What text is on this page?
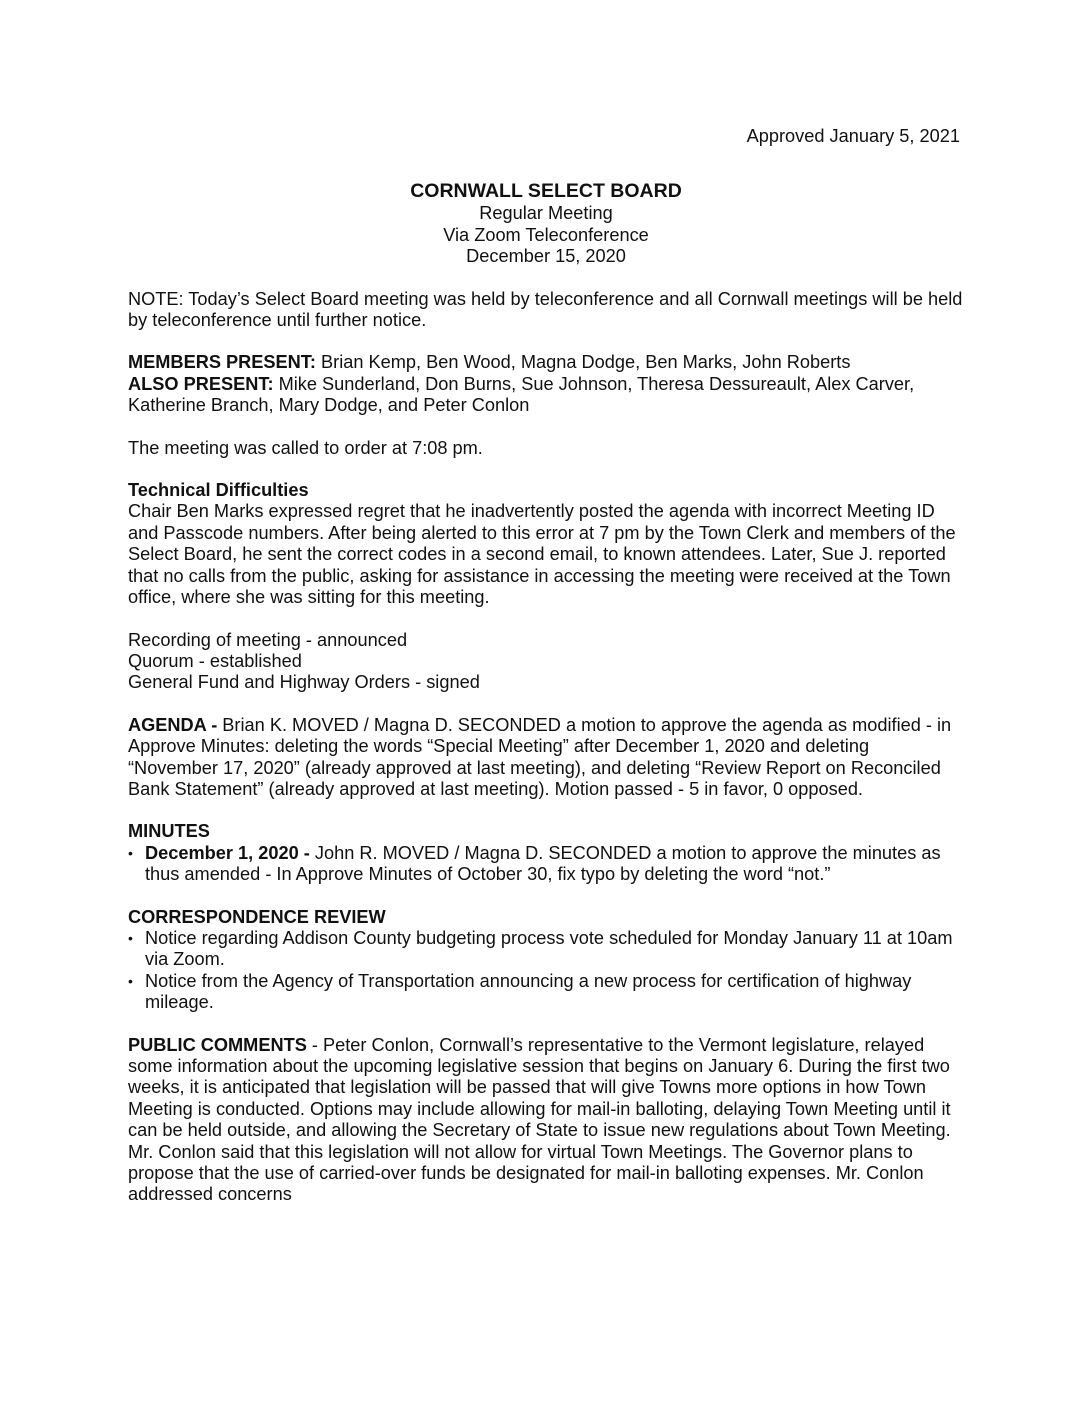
Approved January 5, 2021

CORNWALL SELECT BOARD
Regular Meeting
Via Zoom Teleconference
December 15, 2020

NOTE: Today’s Select Board meeting was held by teleconference and all Cornwall meetings will be held by teleconference until further notice.

MEMBERS PRESENT: Brian Kemp, Ben Wood, Magna Dodge, Ben Marks, John Roberts

ALSO PRESENT: Mike Sunderland, Don Burns, Sue Johnson, Theresa Dessureault, Alex Carver, Katherine Branch, Mary Dodge, and Peter Conlon

The meeting was called to order at 7:08 pm.

Technical Difficulties

Chair Ben Marks expressed regret that he inadvertently posted the agenda with incorrect Meeting ID and Passcode numbers. After being alerted to this error at 7 pm by the Town Clerk and members of the Select Board, he sent the correct codes in a second email, to known attendees. Later, Sue J. reported that no calls from the public, asking for assistance in accessing the meeting were received at the Town office, where she was sitting for this meeting.

Recording of meeting - announced
Quorum - established
General Fund and Highway Orders - signed

AGENDA - Brian K. MOVED / Magna D. SECONDED a motion to approve the agenda as modified - in Approve Minutes: deleting the words “Special Meeting” after December 1, 2020 and deleting “November 17, 2020” (already approved at last meeting), and deleting “Review Report on Reconciled Bank Statement” (already approved at last meeting). Motion passed - 5 in favor, 0 opposed.

MINUTES

• December 1, 2020 - John R. MOVED / Magna D. SECONDED a motion to approve the minutes as thus amended - In Approve Minutes of October 30, fix typo by deleting the word “not.”

CORRESPONDENCE REVIEW

• Notice regarding Addison County budgeting process vote scheduled for Monday January 11 at 10am via Zoom.
• Notice from the Agency of Transportation announcing a new process for certification of highway mileage.

PUBLIC COMMENTS - Peter Conlon, Cornwall’s representative to the Vermont legislature, relayed some information about the upcoming legislative session that begins on January 6. During the first two weeks, it is anticipated that legislation will be passed that will give Towns more options in how Town Meeting is conducted. Options may include allowing for mail-in balloting, delaying Town Meeting until it can be held outside, and allowing the Secretary of State to issue new regulations about Town Meeting. Mr. Conlon said that this legislation will not allow for virtual Town Meetings. The Governor plans to propose that the use of carried-over funds be designated for mail-in balloting expenses. Mr. Conlon addressed concerns
